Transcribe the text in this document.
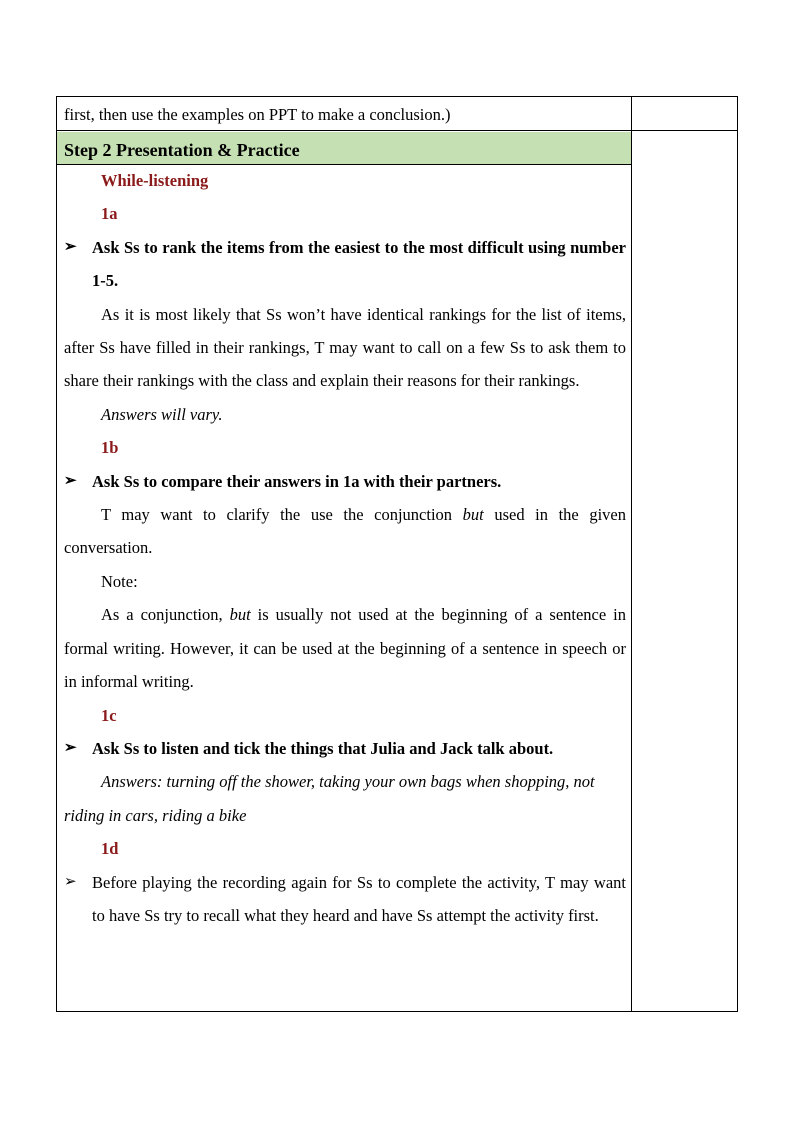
first, then use the examples on PPT to make a conclusion.)
Step 2 Presentation & Practice

While-listening

1a

➢ Ask Ss to rank the items from the easiest to the most difficult using number 1-5.

As it is most likely that Ss won’t have identical rankings for the list of items, after Ss have filled in their rankings, T may want to call on a few Ss to ask them to share their rankings with the class and explain their reasons for their rankings.

Answers will vary.

1b

➢ Ask Ss to compare their answers in 1a with their partners.

T may want to clarify the use the conjunction but used in the given conversation.

Note:

As a conjunction, but is usually not used at the beginning of a sentence in formal writing. However, it can be used at the beginning of a sentence in speech or in informal writing.

1c

➢ Ask Ss to listen and tick the things that Julia and Jack talk about.

Answers: turning off the shower, taking your own bags when shopping, not riding in cars, riding a bike

1d

➢ Before playing the recording again for Ss to complete the activity, T may want to have Ss try to recall what they heard and have Ss attempt the activity first.
